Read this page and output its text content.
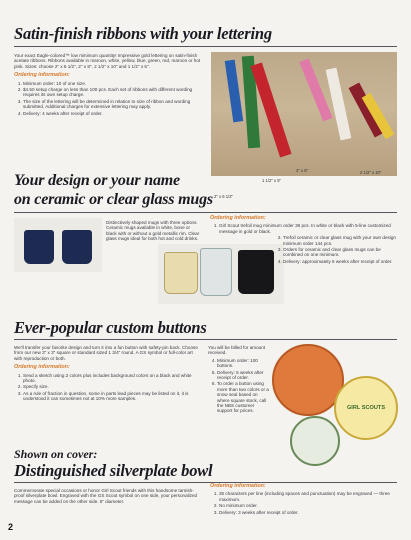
Satin-finish ribbons with your lettering
Your exact Eagle-colored™ low minimum quantity! Impressive gold lettering on satin-finish acetate ribbons. Ribbons available in maroon, white, yellow, blue, green, red, maroon or hot pink. Sizes: choose 2" x 6 1/2", 2" x 8", 2 1/2" x 10" and 1 1/2" x 5".
Ordering information:
1. Minimum order: 10 of one size.
2. $4.50 setup charge on less than 100 pcs. Each set of ribbons with different wording requires its own setup charge.
3. The size of the lettering will be determined in relation to size of ribbon and wording submitted. Additional charges for extensive lettering may apply.
4. Delivery: 4 weeks after receipt of order.
2" x 6 1/2"
2" x 8"	2 1/2" x 10"
1 1/2" x 5"
Your design or your name
on ceramic or clear glass mugs
Distinctively shaped mugs with three options. Ceramic mugs available in white, bone or black with or without a gold metallic rim. Clear glass mugs ideal for both hot and cold drinks.
Ordering information:
1. Girl Scout trefoil mug minimum order 36 pcs. In white or black with 5-line customized message in gold or black.
2. Trefoil ceramic or clear glass mug with your own design minimum order 144 pcs.
3. Orders for ceramic and clear glass mugs can be combined on one minimum.
4. Delivery: approximately 6 weeks after receipt of order.
Ever-popular custom buttons
We'll transfer your favorite design and turn it into a fun button with safety-pin back. Choose from our new 3" x 3" square or standard sized 1 3/4" round. A GS symbol or full-color art with reproduction or both.
Ordering information:
1. Send a sketch using 2 colors plus includes background colors on a black and white photo.
2. Specify size.
3. As a rule of fraction in question, some in parts lead pieces may be listed on it, it is understood it can sometimes not at 10% more samples.
You will be billed for amount received.
4. Minimum order: 100 buttons.
5. Delivery: 5 weeks after receipt of order.
6. To order a button using more than two colors or a snow seal based on where square stock, call the NBS customer support for prices.	GIRL SCOUTS
Shown on cover:
Distinguished silverplate bowl
Commemorate special occasions or honor Girl Scout friends with this handsome tarnish-proof silverplate bowl. Engraved with the GS Scout symbol on one side, your personalized message can be added on the other side. 6" diameter.
Ordering information:
1. 35 characters per line (including spaces and punctuation) may be engraved — three maximum.
2. No minimum order.
3. Delivery: 3 weeks after receipt of order.
2
